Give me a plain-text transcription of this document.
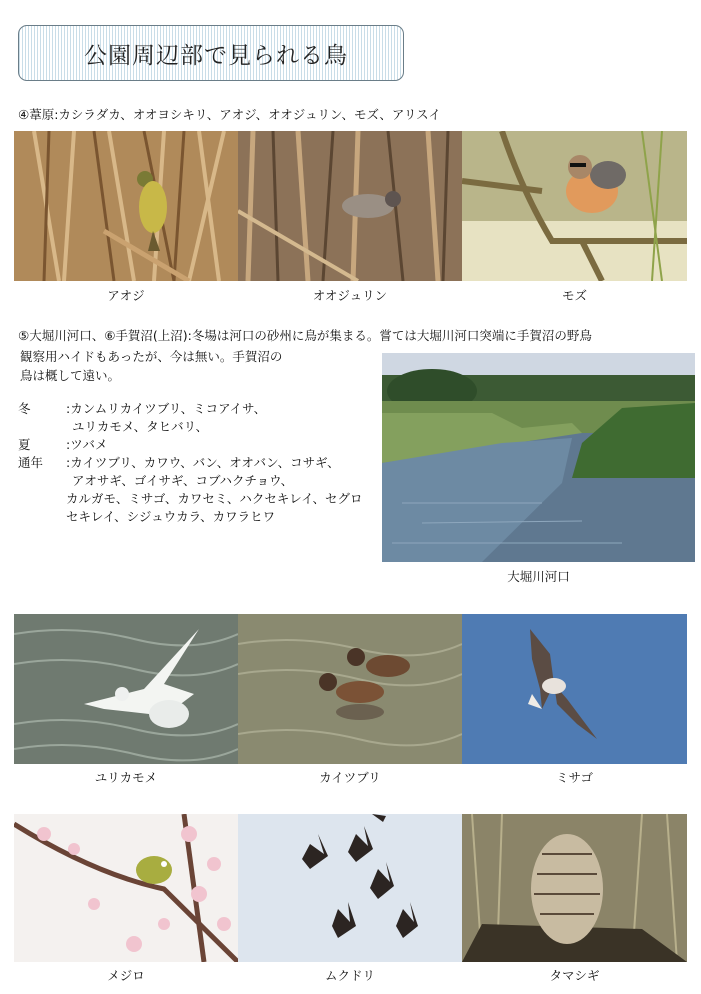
公園周辺部で見られる鳥
④葦原:カシラダカ、オオヨシキリ、アオジ、オオジュリン、モズ、アリスイ
アオジ	オオジュリン	モズ
⑤大堀川河口、⑥手賀沼(上沼):冬場は河口の砂州に鳥が集まる。嘗ては大堀川河口突端に手賀沼の野鳥
観察用ハイドもあったが、今は無い。手賀沼の
鳥は概して遠い。
冬	:カンムリカイツブリ、ミコアイサ、
ユリカモメ、タヒバリ、
夏	:ツバメ
通年 :カイツブリ、カワウ、バン、オオバン、コサギ、
アオサギ、ゴイサギ、コブハクチョウ、
カルガモ、ミサゴ、カワセミ、ハクセキレイ、セグロ
セキレイ、シジュウカラ、カワラヒワ
大堀川河口
ユリカモメ	カイツブリ	ミサゴ
メジロ	ムクドリ	タマシギ
